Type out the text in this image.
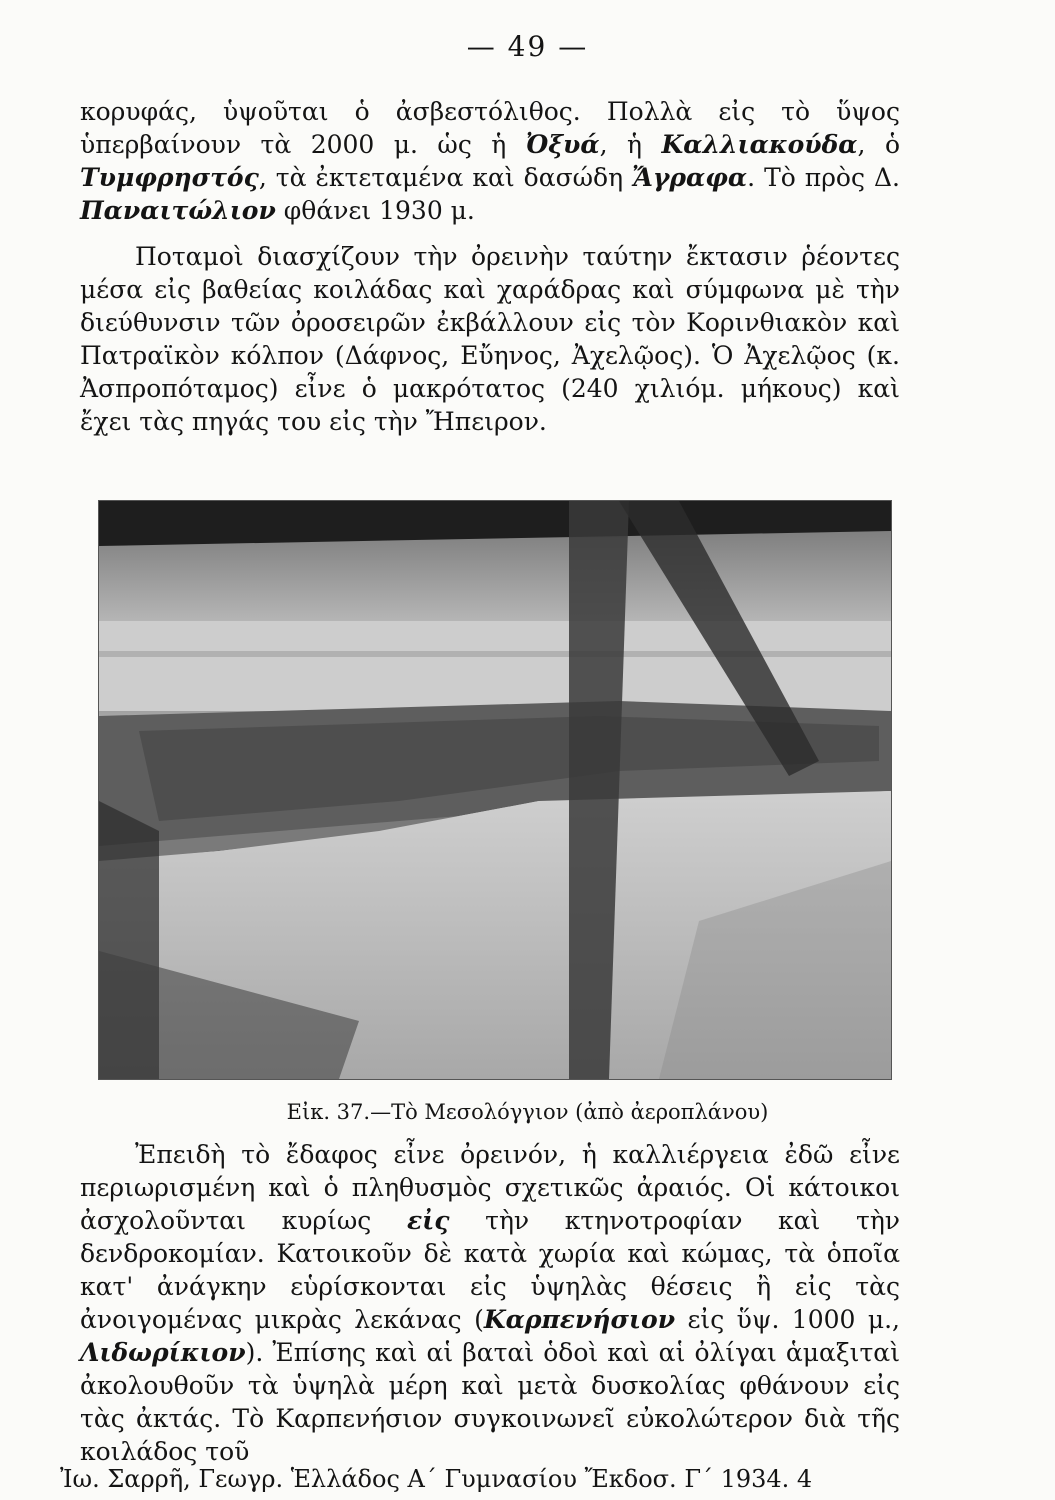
— 49 —

κορυφάς, ὑψοῦται ὁ ἀσβεστόλιθος. Πολλὰ εἰς τὸ ὕψος ὑπερβαίνουν τὰ 2000 μ. ὡς ἡ Ὀξυά, ἡ Καλλιακούδα, ὁ Τυμφρηστός, τὰ ἐκτεταμένα καὶ δασώδη Ἄγραφα. Τὸ πρὸς Δ. Παναιτώλιον φθάνει 1930 μ.

Ποταμοὶ διασχίζουν τὴν ὀρεινὴν ταύτην ἔκτασιν ῥέοντες μέσα εἰς βαθείας κοιλάδας καὶ χαράδρας καὶ σύμφωνα μὲ τὴν διεύθυνσιν τῶν ὀροσειρῶν ἐκβάλλουν εἰς τὸν Κορινθιακὸν καὶ Πατραϊκὸν κόλπον (Δάφνος, Εὔηνος, Ἀχελῷος). Ὁ Ἀχελῷος (κ. Ἀσπροπόταμος) εἶνε ὁ μακρότατος (240 χιλιόμ. μήκους) καὶ ἔχει τὰς πηγάς του εἰς τὴν Ἤπειρον.

Εἰκ. 37.—Τὸ Μεσολόγγιον (ἀπὸ ἀεροπλάνου)

Ἐπειδὴ τὸ ἔδαφος εἶνε ὀρεινόν, ἡ καλλιέργεια ἐδῶ εἶνε περιωρισμένη καὶ ὁ πληθυσμὸς σχετικῶς ἀραιός. Οἱ κάτοικοι ἀσχολοῦνται κυρίως εἰς τὴν κτηνοτροφίαν καὶ τὴν δενδροκομίαν. Κατοικοῦν δὲ κατὰ χωρία καὶ κώμας, τὰ ὁποῖα κατ' ἀνάγκην εὑρίσκονται εἰς ὑψηλὰς θέσεις ἢ εἰς τὰς ἀνοιγομένας μικρὰς λεκάνας (Καρπενήσιον εἰς ὕψ. 1000 μ., Λιδωρίκιον). Ἐπίσης καὶ αἱ βαταὶ ὁδοὶ καὶ αἱ ὀλίγαι ἁμαξιταὶ ἀκολουθοῦν τὰ ὑψηλὰ μέρη καὶ μετὰ δυσκολίας φθάνουν εἰς τὰς ἀκτάς. Τὸ Καρπενήσιον συγκοινωνεῖ εὐκολώτερον διὰ τῆς κοιλάδος τοῦ

Ἰω. Σαρρῆ, Γεωγρ. Ἑλλάδος Α΄ Γυμνασίου Ἔκδοσ. Γ΄ 1934. 4
